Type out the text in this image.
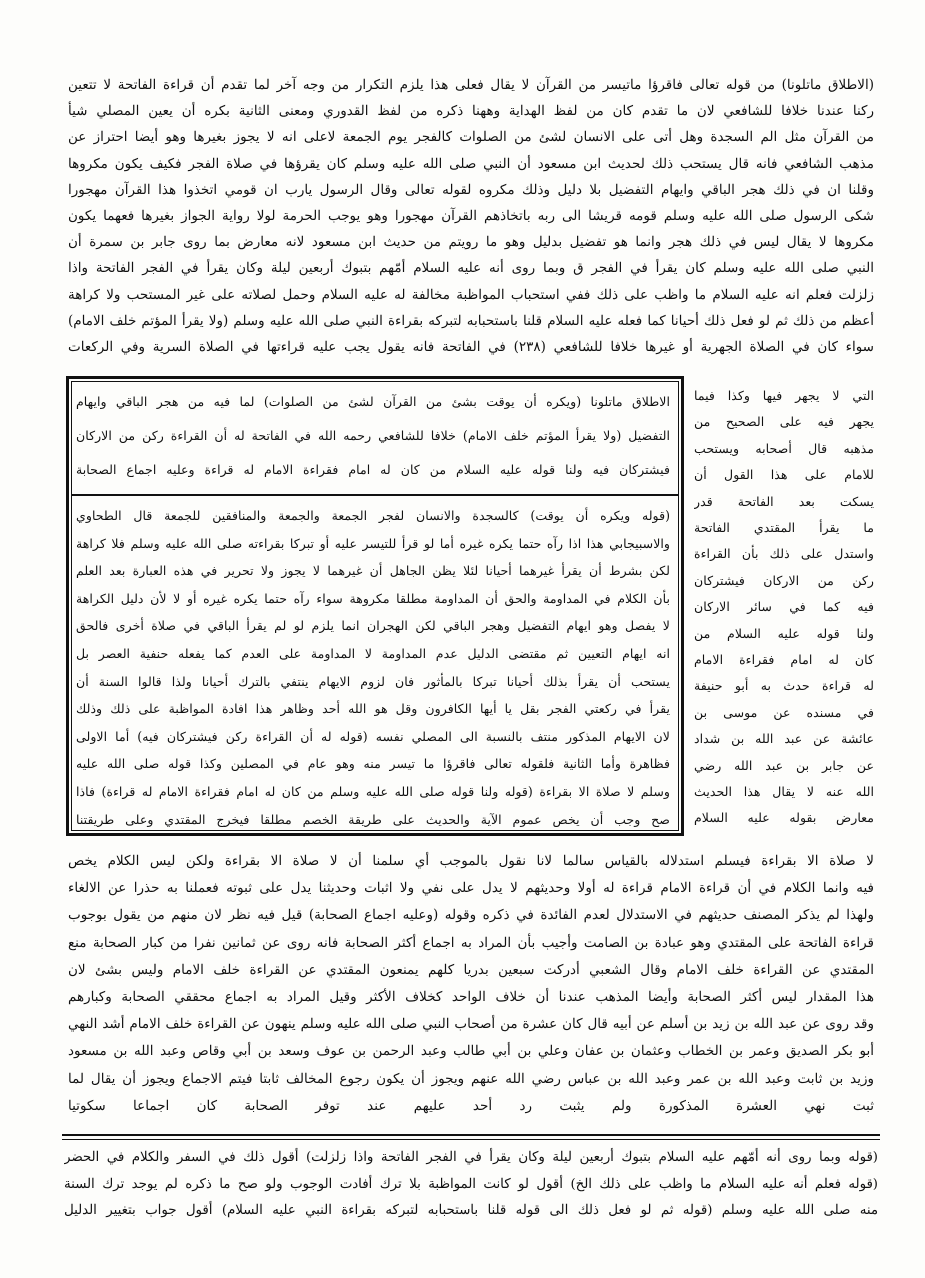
(الاطلاق ماتلونا) من قوله تعالى فاقرؤا ماتيسر من القرآن لا يقال فعلى هذا يلزم التكرار من وجه آخر لما تقدم أن قراءة الفاتحة لا تتعين
ركنا عندنا خلافا للشافعي لان ما تقدم كان من لفظ الهداية وههنا ذكره من لفظ القدوري ومعنى الثانية بكره أن يعين المصلي شيأ
من القرآن مثل الم السجدة وهل أتى على الانسان لشئ من الصلوات كالفجر يوم الجمعة لاعلى انه لا يجوز بغيرها وهو أيضا احتراز عن
مذهب الشافعي فانه قال يستحب ذلك لحديث ابن مسعود أن النبي صلى الله عليه وسلم كان يقرؤها في صلاة الفجر فكيف يكون مكروها
وقلنا ان في ذلك هجر الباقي وايهام التفضيل بلا دليل وذلك مكروه لقوله تعالى وقال الرسول يارب ان قومي اتخذوا هذا القرآن مهجورا
شكى الرسول صلى الله عليه وسلم قومه قريشا الى ربه باتخاذهم القرآن مهجورا وهو يوجب الحرمة لولا رواية الجواز بغيرها فعهما يكون
مكروها لا يقال ليس في ذلك هجر وانما هو تفضيل بدليل وهو ما رويتم من حديث ابن مسعود لانه معارض بما روى جابر بن سمرة أن
النبي صلى الله عليه وسلم كان يقرأ في الفجر ق وبما روى أنه عليه السلام أمّهم بتبوك أربعين ليلة وكان يقرأ في الفجر الفاتحة واذا
زلزلت فعلم انه عليه السلام ما واظب على ذلك ففي استحباب المواظبة مخالفة له عليه السلام وحمل لصلاته على غير المستحب ولا كراهة
أعظم من ذلك ثم لو فعل ذلك أحيانا كما فعله عليه السلام قلنا باستحبابه لتبركه بقراءة النبي صلى الله عليه وسلم (ولا يقرأ المؤتم خلف الامام)
سواء كان في الصلاة الجهرية أو غيرها خلافا للشافعي (٢٣٨) في الفاتحة فانه يقول يجب عليه قراءتها في الصلاة السرية وفي الركعات
التي لا يجهر فيها وكذا فيما
يجهر فيه على الصحيح من
مذهبه قال أصحابه ويستحب
للامام على هذا القول أن
يسكت بعد الفاتحة قدر
ما يقرأ المقتدي الفاتحة
واستدل على ذلك بأن القراءة
ركن من الاركان فيشتركان
فيه كما في سائر الاركان
ولنا قوله عليه السلام من
كان له امام فقراءة الامام
له قراءة حدث به أبو حنيفة
في مسنده عن موسى بن
عائشة عن عبد الله بن شداد
عن جابر بن عبد الله رضي
الله عنه لا يقال هذا الحديث
معارض بقوله عليه السلام
الاطلاق ماتلونا (ويكره أن يوقت بشئ من القرآن لشئ من الصلوات) لما فيه من هجر الباقي وايهام
التفضيل (ولا يقرأ المؤتم خلف الامام) خلافا للشافعي رحمه الله في الفاتحة له أن القراءة ركن من الاركان
فيشتركان فيه ولنا قوله عليه السلام من كان له امام فقراءة الامام له قراءة وعليه اجماع الصحابة
(قوله ويكره أن يوقت) كالسجدة والانسان لفجر الجمعة والجمعة والمنافقين للجمعة قال الطحاوي
والاسبيجابي هذا اذا رآه حتما يكره غيره أما لو قرأ للتيسر عليه أو تبركا بقراءته صلى الله عليه وسلم فلا كراهة
لكن بشرط أن يقرأ غيرهما أحيانا لئلا يظن الجاهل أن غيرهما لا يجوز ولا تحرير في هذه العبارة بعد العلم
بأن الكلام في المداومة والحق أن المداومة مطلقا مكروهة سواء رآه حتما يكره غيره أو لا لأن دليل الكراهة
لا يفصل وهو ايهام التفضيل وهجر الباقي لكن الهجران انما يلزم لو لم يقرأ الباقي في صلاة أخرى فالحق
انه ايهام التعيين ثم مقتضى الدليل عدم المداومة لا المداومة على العدم كما يفعله حنفية العصر بل
يستحب أن يقرأ بذلك أحيانا تبركا بالمأثور فان لزوم الايهام ينتفي بالترك أحيانا ولذا قالوا السنة أن
يقرأ في ركعتي الفجر بقل يا أيها الكافرون وقل هو الله أحد وظاهر هذا افادة المواظبة على ذلك وذلك
لان الايهام المذكور منتف بالنسبة الى المصلي نفسه (قوله له أن القراءة ركن فيشتركان فيه) أما الاولى
فظاهرة وأما الثانية فلقوله تعالى فاقرؤا ما تيسر منه وهو عام في المصلين وكذا قوله صلى الله عليه
وسلم لا صلاة الا بقراءة (قوله ولنا قوله صلى الله عليه وسلم من كان له امام فقراءة الامام له قراءة) فاذا
صح وجب أن يخص عموم الآية والحديث على طريقة الخصم مطلقا فيخرج المقتدي وعلى طريقتنا
لا صلاة الا بقراءة فيسلم استدلاله بالقياس سالما لانا نقول بالموجب أي سلمنا أن لا صلاة الا بقراءة ولكن ليس الكلام يخص
فيه وانما الكلام في أن قراءة الامام قراءة له أولا وحديثهم لا يدل على نفي ولا اثبات وحديثنا يدل على ثبوته فعملنا به حذرا عن الالغاء
ولهذا لم يذكر المصنف حديثهم في الاستدلال لعدم الفائدة في ذكره وقوله (وعليه اجماع الصحابة) قيل فيه نظر لان منهم من يقول بوجوب
قراءة الفاتحة على المقتدي وهو عبادة بن الصامت وأجيب بأن المراد به اجماع أكثر الصحابة فانه روى عن ثمانين نفرا من كبار الصحابة منع
المقتدي عن القراءة خلف الامام وقال الشعبي أدركت سبعين بدريا كلهم يمنعون المقتدي عن القراءة خلف الامام وليس بشئ لان
هذا المقدار ليس أكثر الصحابة وأيضا المذهب عندنا أن خلاف الواحد كخلاف الأكثر وقيل المراد به اجماع محققي الصحابة وكبارهم
وقد روى عن عبد الله بن زيد بن أسلم عن أبيه قال كان عشرة من أصحاب النبي صلى الله عليه وسلم ينهون عن القراءة خلف الامام أشد النهي
أبو بكر الصديق وعمر بن الخطاب وعثمان بن عفان وعلي بن أبي طالب وعبد الرحمن بن عوف وسعد بن أبي وقاص وعبد الله بن مسعود
وزيد بن ثابت وعبد الله بن عمر وعبد الله بن عباس رضي الله عنهم ويجوز أن يكون رجوع المخالف ثابتا فيتم الاجماع ويجوز أن يقال لما
ثبت نهي العشرة المذكورة ولم يثبت رد أحد عليهم عند توفر الصحابة كان اجماعا سكوتيا
(قوله وبما روى أنه أمّهم عليه السلام بتبوك أربعين ليلة وكان يقرأ في الفجر الفاتحة واذا زلزلت) أقول ذلك في السفر والكلام في الحضر
(قوله فعلم أنه عليه السلام ما واظب على ذلك الخ) أقول لو كانت المواظبة بلا ترك أفادت الوجوب ولو صح ما ذكره لم يوجد ترك السنة
منه صلى الله عليه وسلم (قوله ثم لو فعل ذلك الى قوله قلنا باستحبابه لتبركه بقراءة النبي عليه السلام) أقول جواب بتغيير الدليل
